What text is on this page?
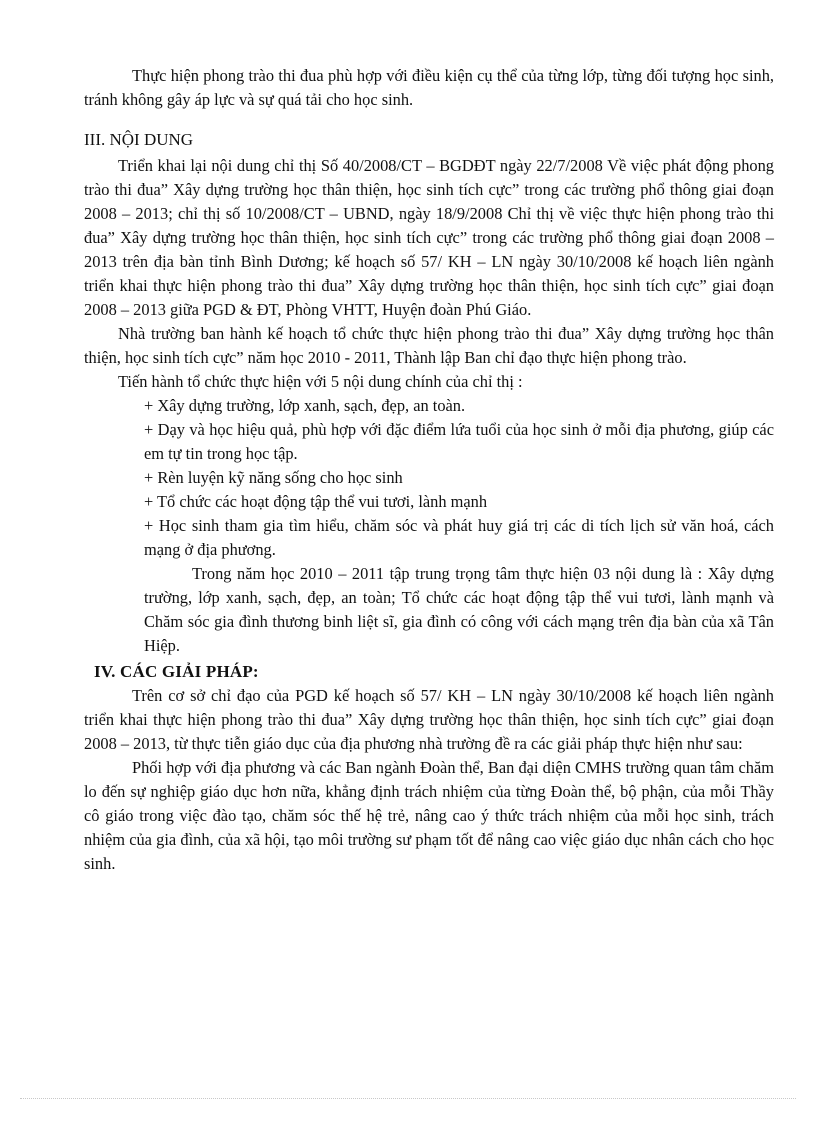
Thực hiện phong trào thi đua phù hợp với điều kiện cụ thể của từng lớp, từng đối tượng học sinh, tránh không gây áp lực và sự quá tải cho học sinh.

III. NỘI DUNG

Triển khai lại nội dung chỉ thị Số 40/2008/CT – BGDĐT ngày 22/7/2008 Về việc phát động phong trào thi đua” Xây dựng trường học thân thiện, học sinh tích cực” trong các trường phổ thông giai đoạn 2008 – 2013; chỉ thị số 10/2008/CT – UBND, ngày 18/9/2008 Chỉ thị về việc thực hiện phong trào thi đua” Xây dựng trường học thân thiện, học sinh tích cực” trong các trường phổ thông giai đoạn 2008 – 2013 trên địa bàn tỉnh Bình Dương; kế hoạch số 57/ KH – LN ngày 30/10/2008 kế hoạch liên ngành triển khai thực hiện phong trào thi đua” Xây dựng trường học thân thiện, học sinh tích cực” giai đoạn 2008 – 2013 giữa PGD & ĐT, Phòng VHTT, Huyện đoàn Phú Giáo.

Nhà trường ban hành kế hoạch tổ chức thực hiện phong trào thi đua” Xây dựng trường học thân thiện, học sinh tích cực” năm học 2010 - 2011, Thành lập Ban chỉ đạo thực hiện phong trào.

Tiến hành tổ chức thực hiện với 5 nội dung chính của chỉ thị :

+ Xây dựng trường, lớp xanh, sạch, đẹp, an toàn.

+ Dạy và học hiệu quả, phù hợp với đặc điểm lứa tuổi của học sinh ở mỗi địa phương, giúp các em tự tin trong học tập.

+ Rèn luyện kỹ năng sống cho học sinh

+ Tổ chức các hoạt động tập thể vui tươi, lành mạnh

+ Học sinh tham gia tìm hiểu, chăm sóc và phát huy giá trị các di tích lịch sử văn hoá, cách mạng ở địa phương.

Trong năm học 2010 – 2011 tập trung trọng tâm thực hiện 03 nội dung là : Xây dựng trường, lớp xanh, sạch, đẹp, an toàn; Tổ chức các hoạt động tập thể vui tươi, lành mạnh và Chăm sóc gia đình thương binh liệt sĩ, gia đình có công với cách mạng trên địa bàn của xã Tân Hiệp.

IV. CÁC GIẢI PHÁP:

Trên cơ sở chỉ đạo của PGD kế hoạch số 57/ KH – LN ngày 30/10/2008 kế hoạch liên ngành triển khai thực hiện phong trào thi đua” Xây dựng trường học thân thiện, học sinh tích cực” giai đoạn 2008 – 2013, từ thực tiễn giáo dục của địa phương nhà trường đề ra các giải pháp thực hiện như sau:

Phối hợp với địa phương và các Ban ngành Đoàn thể, Ban đại diện CMHS trường quan tâm chăm lo đến sự nghiệp giáo dục hơn nữa, khẳng định trách nhiệm của từng Đoàn thể, bộ phận, của mỗi Thầy cô giáo trong việc đào tạo, chăm sóc thế hệ trẻ, nâng cao ý thức trách nhiệm của mỗi học sinh, trách nhiệm của gia đình, của xã hội, tạo môi trường sư phạm tốt để nâng cao việc giáo dục nhân cách cho học sinh.
